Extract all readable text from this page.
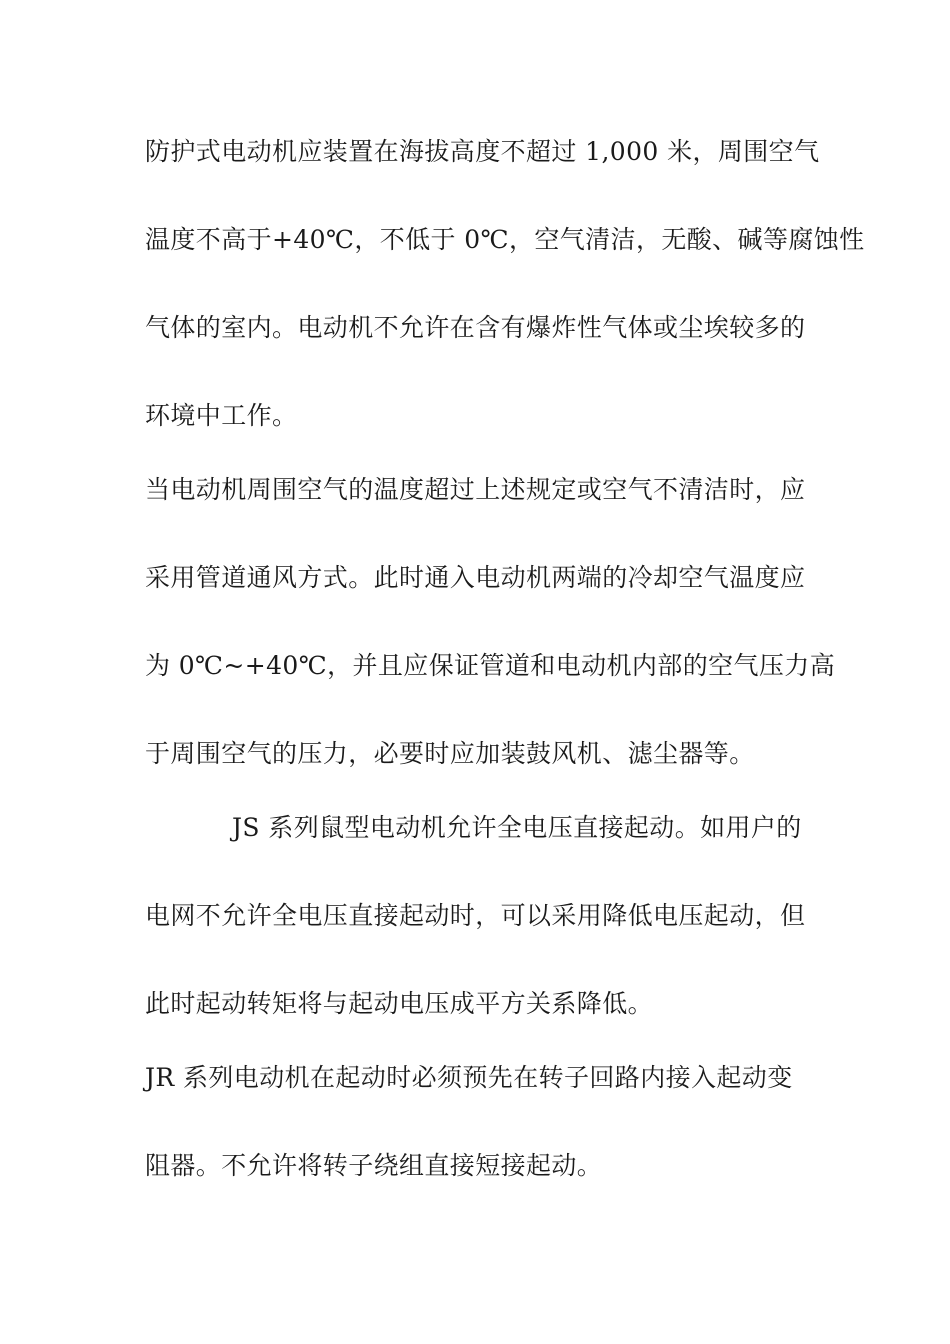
防护式电动机应装置在海拔高度不超过 1,000 米，周围空气
温度不高于+40℃，不低于 0℃，空气清洁，无酸、碱等腐蚀性
气体的室内。电动机不允许在含有爆炸性气体或尘埃较多的
环境中工作。
当电动机周围空气的温度超过上述规定或空气不清洁时，应
采用管道通风方式。此时通入电动机两端的冷却空气温度应
为 0℃~+40℃，并且应保证管道和电动机内部的空气压力高
于周围空气的压力，必要时应加装鼓风机、滤尘器等。
JS 系列鼠型电动机允许全电压直接起动。如用户的
电网不允许全电压直接起动时，可以采用降低电压起动，但
此时起动转矩将与起动电压成平方关系降低。
JR 系列电动机在起动时必须预先在转子回路内接入起动变
阻器。不允许将转子绕组直接短接起动。
